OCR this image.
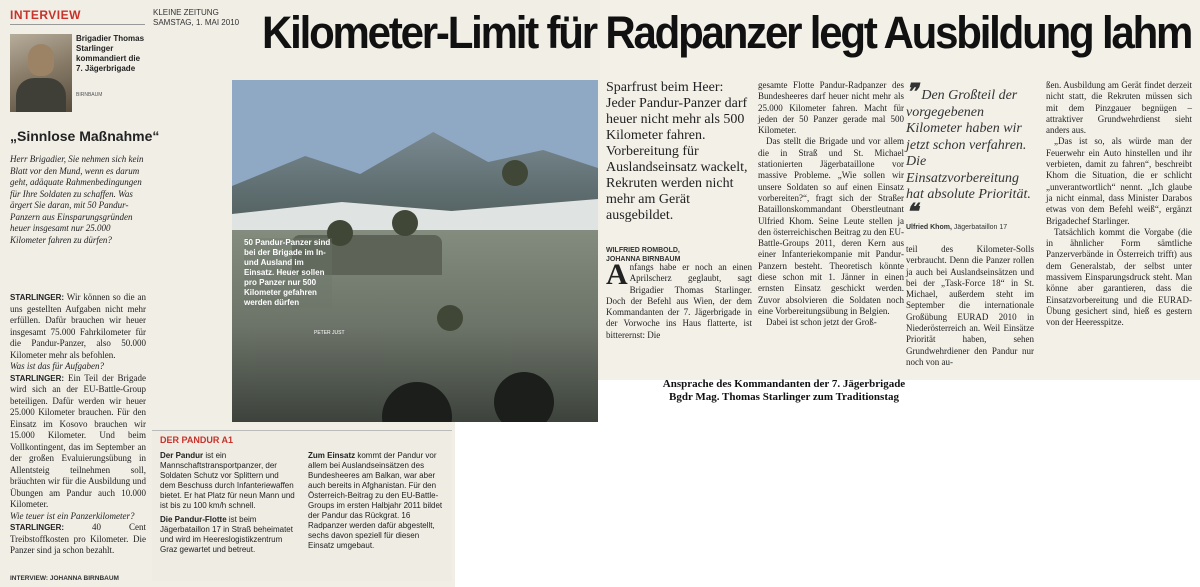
INTERVIEW	KLEINE ZEITUNG
SAMSTAG, 1. MAI 2010 Kilometer-Limit für Radpanzer legt Ausbildung lahm
Brigadier Thomas Starlinger kommandiert die 7. Jägerbrigade
BIRNBAUM
„Sinnlose Maßnahme“
Herr Brigadier, Sie nehmen sich kein Blatt vor den Mund, wenn es darum geht, adäquate Rahmenbedingungen für Ihre Soldaten zu schaffen. Was ärgert Sie daran, mit 50 Pandur-Panzern aus Einsparungsgründen heuer insgesamt nur 25.000 Kilometer fahren zu dürfen?

STARLINGER: Wir können so die an uns gestellten Aufgaben nicht mehr erfüllen. Dafür brauchen wir heuer insgesamt 75.000 Fahrkilometer für die Pandur-Panzer, also 50.000 Kilometer mehr als befohlen.

Was ist das für Aufgaben?

STARLINGER: Ein Teil der Brigade wird sich an der EU-Battle-Group beteiligen. Dafür werden wir heuer 25.000 Kilometer brauchen. Für den Einsatz im Kosovo brauchen wir 15.000 Kilometer. Und beim Vollkontingent, das im September an der großen Evaluierungsübung in Allentsteig teilnehmen soll, bräuchten wir für die Ausbildung und Übungen am Pandur auch 10.000 Kilometer.

Wie teuer ist ein Panzerkilometer?

STARLINGER: 40 Cent Treibstoffkosten pro Kilometer. Die Panzer sind ja schon bezahlt.

INTERVIEW: JOHANNA BIRNBAUM
50 Pandur-Panzer sind bei der Brigade im In- und Ausland im Einsatz. Heuer sollen pro Panzer nur 500 Kilometer gefahren werden dürfen
PETER JUST
DER PANDUR A1

Der Pandur ist ein Mannschaftstransportpanzer, der Soldaten Schutz vor Splittern und dem Beschuss durch Infanteriewaffen bietet. Er hat Platz für neun Mann und ist bis zu 100 km/h schnell.

Die Pandur-Flotte ist beim Jägerbataillon 17 in Straß beheimatet und wird im Heereslogistikzentrum Graz gewartet und betreut.

Zum Einsatz kommt der Pandur vor allem bei Auslandseinsätzen des Bundesheeres am Balkan, war aber auch bereits in Afghanistan. Für den Österreich-Beitrag zu den EU-Battle-Groups im ersten Halbjahr 2011 bildet der Pandur das Rückgrat. 16 Radpanzer werden dafür abgestellt, sechs davon speziell für diesen Einsatz umgebaut.

Sparfrust beim Heer: Jeder Pandur-Panzer darf heuer nicht mehr als 500 Kilometer fahren. Vorbereitung für Auslandseinsatz wackelt, Rekruten werden nicht mehr am Gerät ausgebildet.
WILFRIED ROMBOLD,
JOHANNA BIRNBAUM

Anfangs habe er noch an einen Aprilscherz geglaubt, sagt Brigadier Thomas Starlinger. Doch der Befehl aus Wien, der dem Kommandanten der 7. Jägerbrigade in der Vorwoche ins Haus flatterte, ist bitterernst: Die

gesamte Flotte Pandur-Radpanzer des Bundesheeres darf heuer nicht mehr als 25.000 Kilometer fahren. Macht für jeden der 50 Panzer gerade mal 500 Kilometer.

Das stellt die Brigade und vor allem die in Straß und St. Michael stationierten Jägerbataillone vor massive Probleme. „Wie sollen wir unsere Soldaten so auf einen Einsatz vorbereiten?“, fragt sich der Straßer Bataillonskommandant Oberstleutnant Ulfried Khom. Seine Leute stellen ja den österreichischen Beitrag zu den EU-Battle-Groups 2011, deren Kern aus einer Infanteriekompanie mit Pandur-Panzern besteht. Theoretisch könnte diese schon mit 1. Jänner in einen ernsten Einsatz geschickt werden. Zuvor absolvieren die Soldaten noch eine Vorbereitungsübung in Belgien.

Dabei ist schon jetzt der Groß-

❞ Den Großteil der vorgegebenen Kilometer haben wir jetzt schon verfahren. Die Einsatzvorbereitung hat absolute Priorität. ❝
Ulfried Khom, Jägerbataillon 17

teil des Kilometer-Solls verbraucht. Denn die Panzer rollen ja auch bei Auslandseinsätzen und bei der „Task-Force 18“ in St. Michael, außerdem steht im September die internationale Großübung EURAD 2010 in Niederösterreich an. Weil Einsätze Priorität haben, sehen Grundwehrdiener den Pandur nur noch von au-

ßen. Ausbildung am Gerät findet derzeit nicht statt, die Rekruten müssen sich mit dem Pinzgauer begnügen – attraktiver Grundwehrdienst sieht anders aus.

„Das ist so, als würde man der Feuerwehr ein Auto hinstellen und ihr verbieten, damit zu fahren“, beschreibt Khom die Situation, die er schlicht „unverantwortlich“ nennt. „Ich glaube ja nicht einmal, dass Minister Darabos etwas von dem Befehl weiß“, ergänzt Brigadechef Starlinger.

Tatsächlich kommt die Vorgabe (die in ähnlicher Form sämtliche Panzerverbände in Österreich trifft) aus dem Generalstab, der selbst unter massivem Einsparungsdruck steht. Man könne aber garantieren, dass die Einsatzvorbereitung und die EURAD-Übung gesichert sind, hieß es gestern von der Heeresspitze.

Ansprache des Kommandanten der 7. Jägerbrigade
Bgdr Mag. Thomas Starlinger zum Traditionstag
